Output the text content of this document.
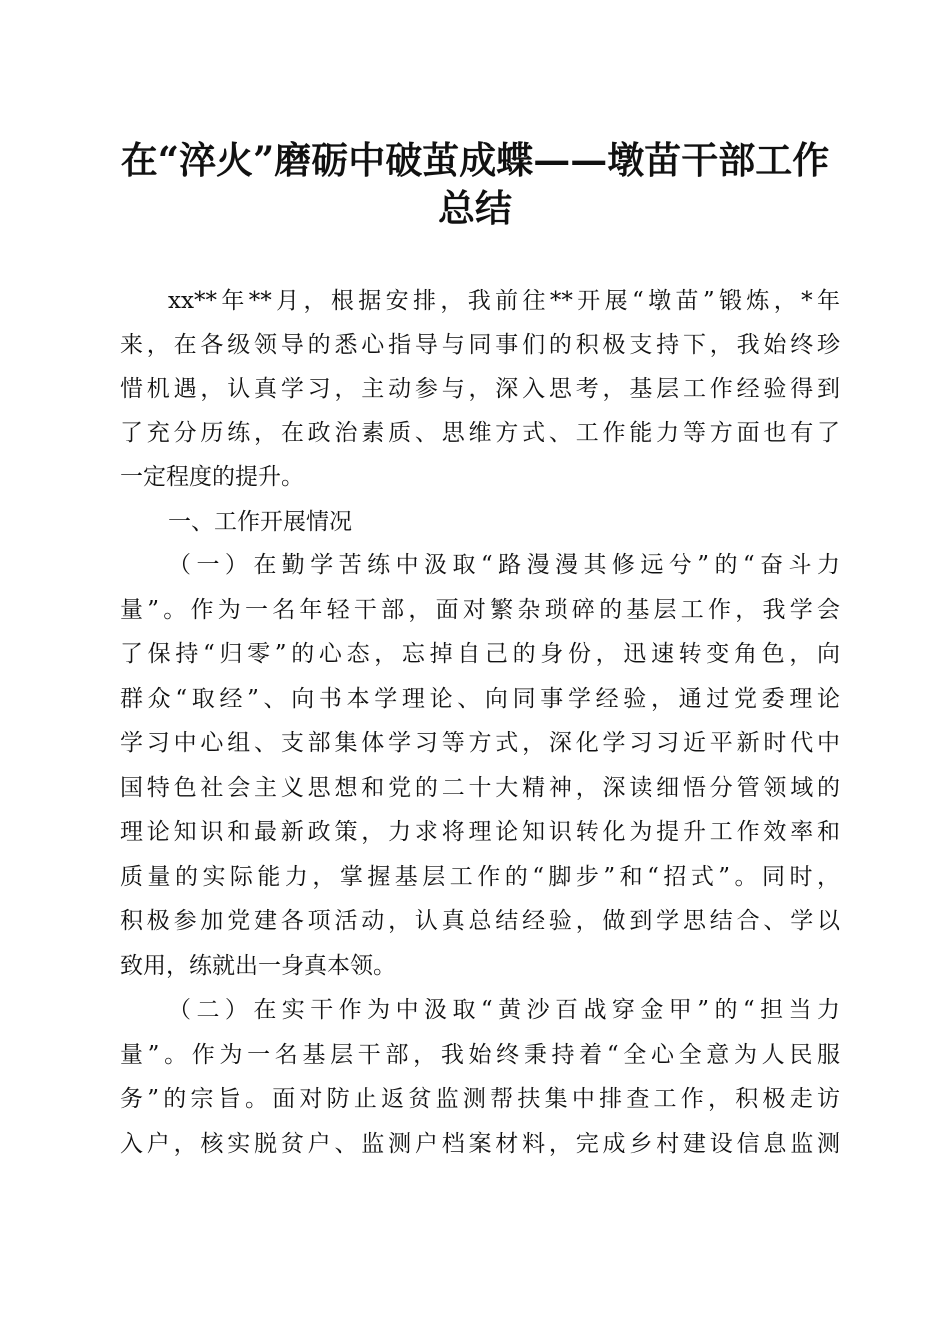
在“淬火”磨砺中破茧成蝶——墩苗干部工作
总结
xx**年**月，根据安排，我前往**开展“墩苗”锻炼，*年
来，在各级领导的悉心指导与同事们的积极支持下，我始终珍
惜机遇，认真学习，主动参与，深入思考，基层工作经验得到
了充分历练，在政治素质、思维方式、工作能力等方面也有了
一定程度的提升。
一、工作开展情况
（一）在勤学苦练中汲取“路漫漫其修远兮”的“奋斗力
量”。作为一名年轻干部，面对繁杂琐碎的基层工作，我学会
了保持“归零”的心态，忘掉自己的身份，迅速转变角色，向
群众“取经”、向书本学理论、向同事学经验，通过党委理论
学习中心组、支部集体学习等方式，深化学习习近平新时代中
国特色社会主义思想和党的二十大精神，深读细悟分管领域的
理论知识和最新政策，力求将理论知识转化为提升工作效率和
质量的实际能力，掌握基层工作的“脚步”和“招式”。同时，
积极参加党建各项活动，认真总结经验，做到学思结合、学以
致用，练就出一身真本领。
（二）在实干作为中汲取“黄沙百战穿金甲”的“担当力
量”。作为一名基层干部，我始终秉持着“全心全意为人民服
务”的宗旨。面对防止返贫监测帮扶集中排查工作，积极走访
入户，核实脱贫户、监测户档案材料，完成乡村建设信息监测
